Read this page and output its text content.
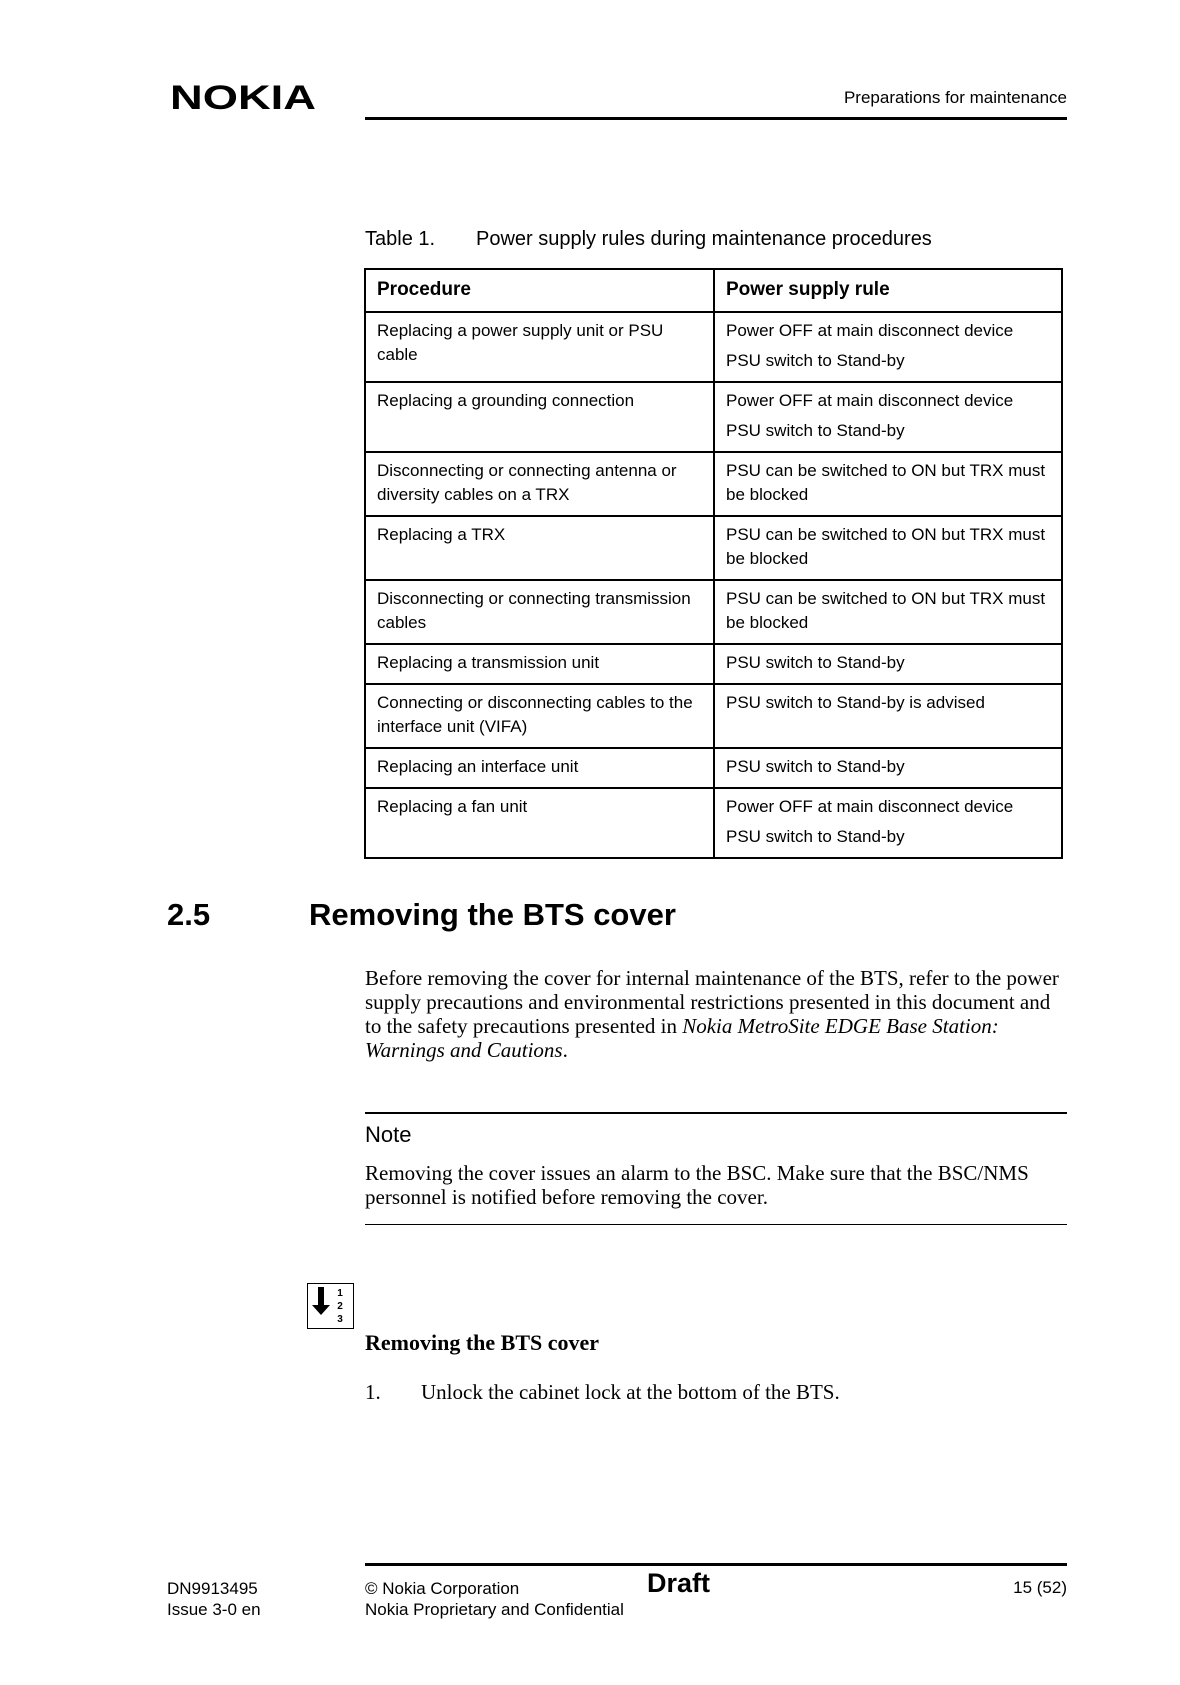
NOKIA	Preparations for maintenance
Table 1. Power supply rules during maintenance procedures
Procedure	Power supply rule
Replacing a power supply unit or PSU cable	Power OFF at main disconnect device

PSU switch to Stand-by

Replacing a grounding connection	Power OFF at main disconnect device

PSU switch to Stand-by

Disconnecting or connecting antenna or diversity cables on a TRX	PSU can be switched to ON but TRX must be blocked

Replacing a TRX	PSU can be switched to ON but TRX must be blocked

Disconnecting or connecting transmission cables	PSU can be switched to ON but TRX must be blocked

Replacing a transmission unit	PSU switch to Stand-by

Connecting or disconnecting cables to the interface unit (VIFA)	PSU switch to Stand-by is advised

Replacing an interface unit	PSU switch to Stand-by

Replacing a fan unit	Power OFF at main disconnect device

PSU switch to Stand-by

2.5	Removing the BTS cover
Before removing the cover for internal maintenance of the BTS, refer to the power supply precautions and environmental restrictions presented in this document and to the safety precautions presented in Nokia MetroSite EDGE Base Station: Warnings and Cautions.
Note
Removing the cover issues an alarm to the BSC. Make sure that the BSC/NMS personnel is notified before removing the cover.
1
2
3
Removing the BTS cover
1. Unlock the cabinet lock at the bottom of the BTS.
DN9913495
Issue 3-0 en
© Nokia Corporation
Nokia Proprietary and Confidential
Draft	15 (52)
